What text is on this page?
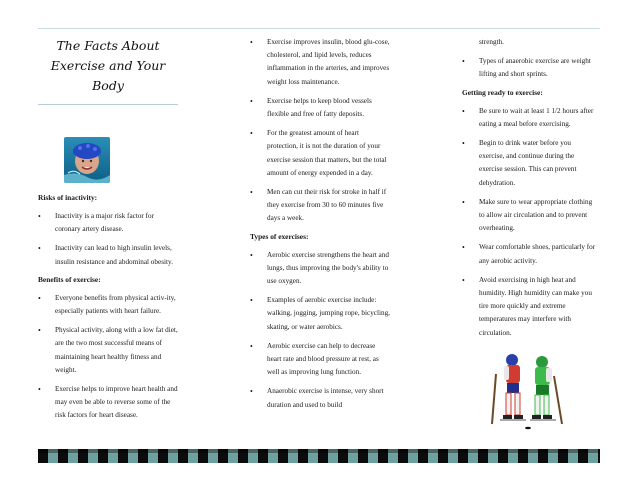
The Facts About
Exercise and Your Body
Risks of inactivity:
• Inactivity is a major risk factor for coronary artery disease.
• Inactivity can lead to high insulin levels, insulin resistance and abdominal obesity.
Benefits of exercise:
• Everyone benefits from physical activ-ity, especially patients with heart failure.
• Physical activity, along with a low fat diet, are the two most successful means of maintaining heart healthy fitness and weight.
• Exercise helps to improve heart health and may even be able to reverse some of the risk factors for heart disease.
• Exercise improves insulin, blood glu-cose, cholesterol, and lipid levels, reduces inflammation in the arteries, and improves weight loss maintenance.
• Exercise helps to keep blood vessels flexible and free of fatty deposits.
• For the greatest amount of heart protection, it is not the duration of your exercise session that matters, but the total amount of energy expended in a day.
• Men can cut their risk for stroke in half if they exercise from 30 to 60 minutes five days a week.
Types of exercises:
• Aerobic exercise strengthens the heart and lungs, thus improving the body's ability to use oxygen.
• Examples of aerobic exercise include: walking, jogging, jumping rope, bicycling, skating, or water aerobics.
• Aerobic exercise can help to decrease heart rate and blood pressure at rest, as well as improving lung function.
• Anaerobic exercise is intense, very short duration and used to build
strength.
• Types of anaerobic exercise are weight lifting and short sprints.
Getting ready to exercise:
• Be sure to wait at least 1 1/2 hours after eating a meal before exercising.
• Begin to drink water before you exercise, and continue during the exercise session. This can prevent dehydration.
• Make sure to wear appropriate clothing to allow air circulation and to prevent overheating.
• Wear comfortable shoes, particularly for any aerobic activity.
• Avoid exercising in high heat and humidity. High humidity can make you tire more quickly and extreme temperatures may interfere with circulation.
